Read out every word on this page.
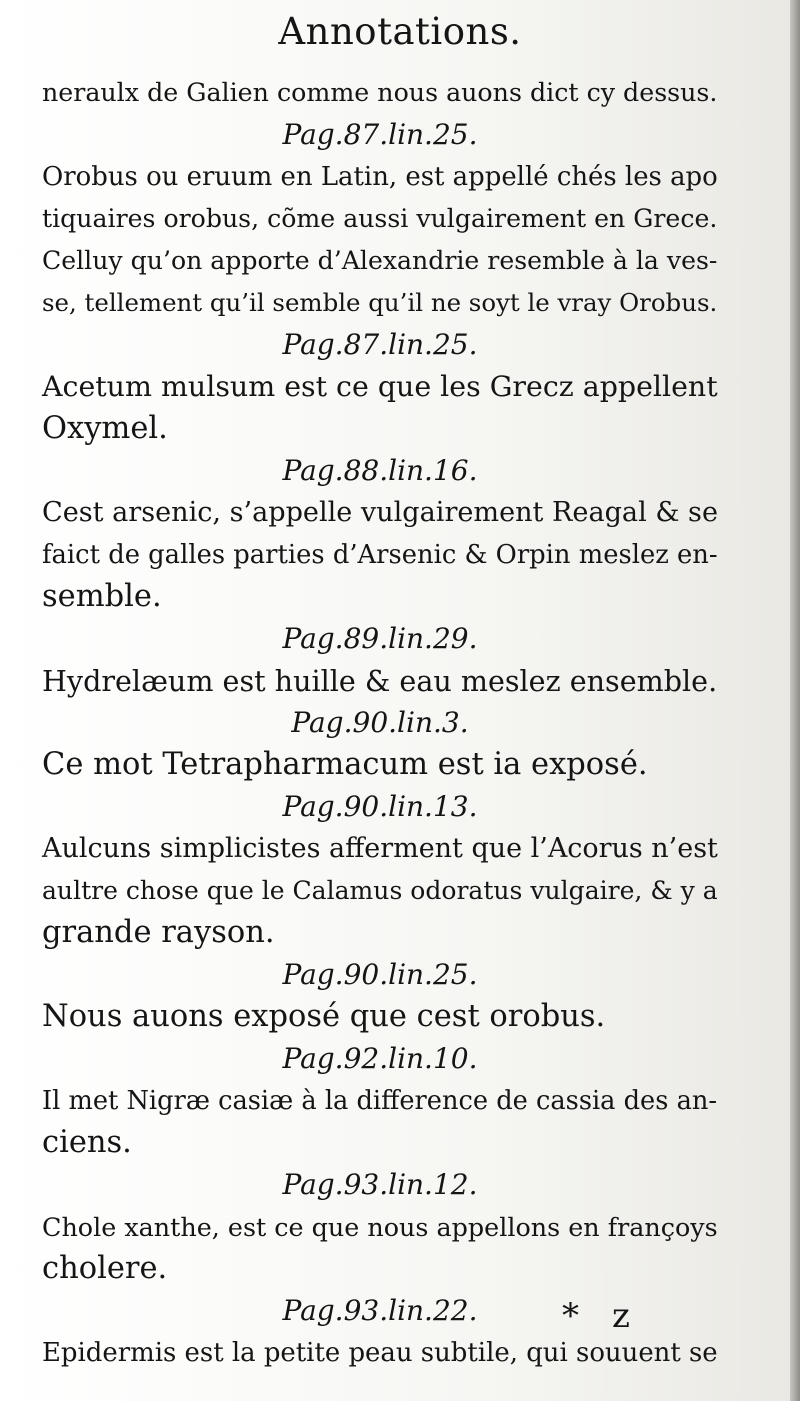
Annotations.

neraulx de Galien comme nous auons dict cy dessus.

Pag.87.lin.25.

Orobus ou eruum en Latin, est appellé chés les apo

tiquaires orobus, cõme aussi vulgairement en Grece.

Celluy qu’on apporte d’Alexandrie resemble à la ves-

se, tellement qu’il semble qu’il ne soyt le vray Orobus.

Pag.87.lin.25.

Acetum mulsum est ce que les Grecz appellent

Oxymel.

Pag.88.lin.16.

Cest arsenic, s’appelle vulgairement Reagal & se

faict de galles parties d’Arsenic & Orpin meslez en-

semble.

Pag.89.lin.29.

Hydrelæum est huille & eau meslez ensemble.

Pag.90.lin.3.

Ce mot Tetrapharmacum est ia exposé.

Pag.90.lin.13.

Aulcuns simplicistes afferment que l’Acorus n’est

aultre chose que le Calamus odoratus vulgaire, & y a

grande rayson.

Pag.90.lin.25.

Nous auons exposé que cest orobus.

Pag.92.lin.10.

Il met Nigræ casiæ à la difference de cassia des an-

ciens.

Pag.93.lin.12.

Chole xanthe, est ce que nous appellons en françoys

cholere.

Pag.93.lin.22.

Epidermis est la petite peau subtile, qui souuent se

* z
